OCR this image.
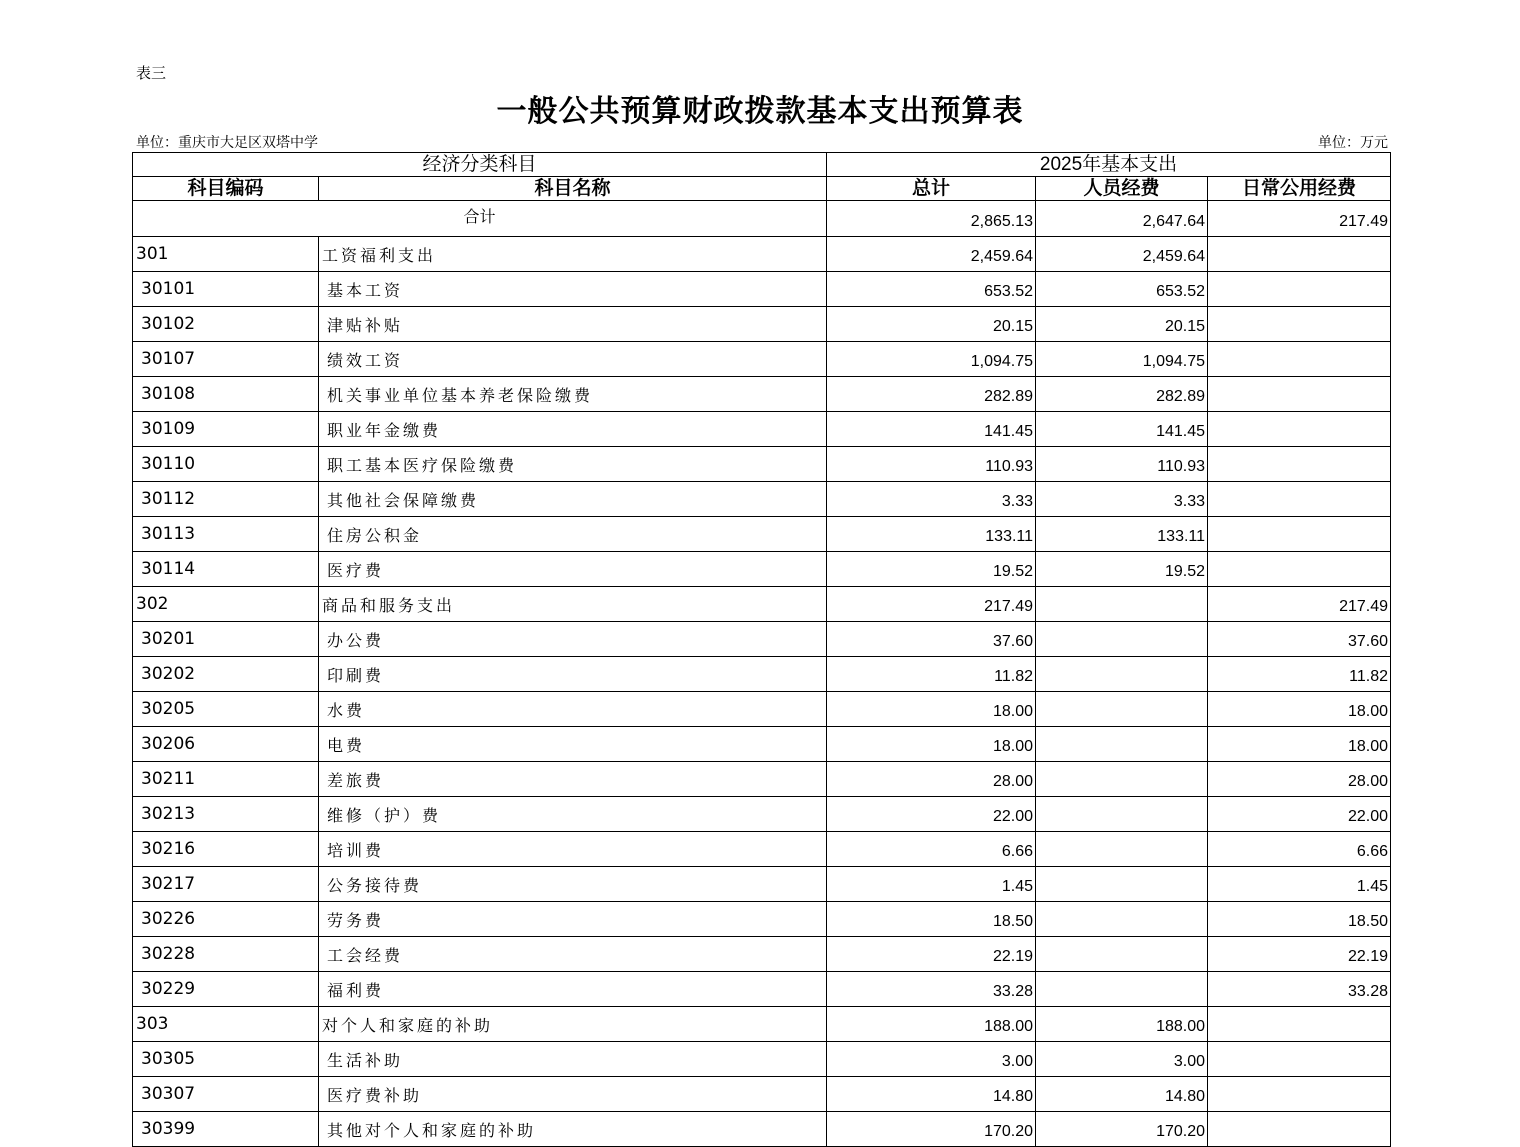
表三
一般公共预算财政拨款基本支出预算表
单位：重庆市大足区双塔中学	单位：万元
经济分类科目		2025年基本支出		
科目编码	科目名称	总计	人员经费	日常公用经费
合计		2,865.13	2,647.64	217.49
301	工资福利支出	2,459.64	2,459.64	
30101	基本工资	653.52	653.52	
30102	津贴补贴	20.15	20.15	
30107	绩效工资	1,094.75	1,094.75	
30108	机关事业单位基本养老保险缴费	282.89	282.89	
30109	职业年金缴费	141.45	141.45	
30110	职工基本医疗保险缴费	110.93	110.93	
30112	其他社会保障缴费	3.33	3.33	
30113	住房公积金	133.11	133.11	
30114	医疗费	19.52	19.52	
302	商品和服务支出	217.49		217.49
30201	办公费	37.60		37.60
30202	印刷费	11.82		11.82
30205	水费	18.00		18.00
30206	电费	18.00		18.00
30211	差旅费	28.00		28.00
30213	维修（护）费	22.00		22.00
30216	培训费	6.66		6.66
30217	公务接待费	1.45		1.45
30226	劳务费	18.50		18.50
30228	工会经费	22.19		22.19
30229	福利费	33.28		33.28
303	对个人和家庭的补助	188.00	188.00	
30305	生活补助	3.00	3.00	
30307	医疗费补助	14.80	14.80	
30399	其他对个人和家庭的补助	170.20	170.20	
